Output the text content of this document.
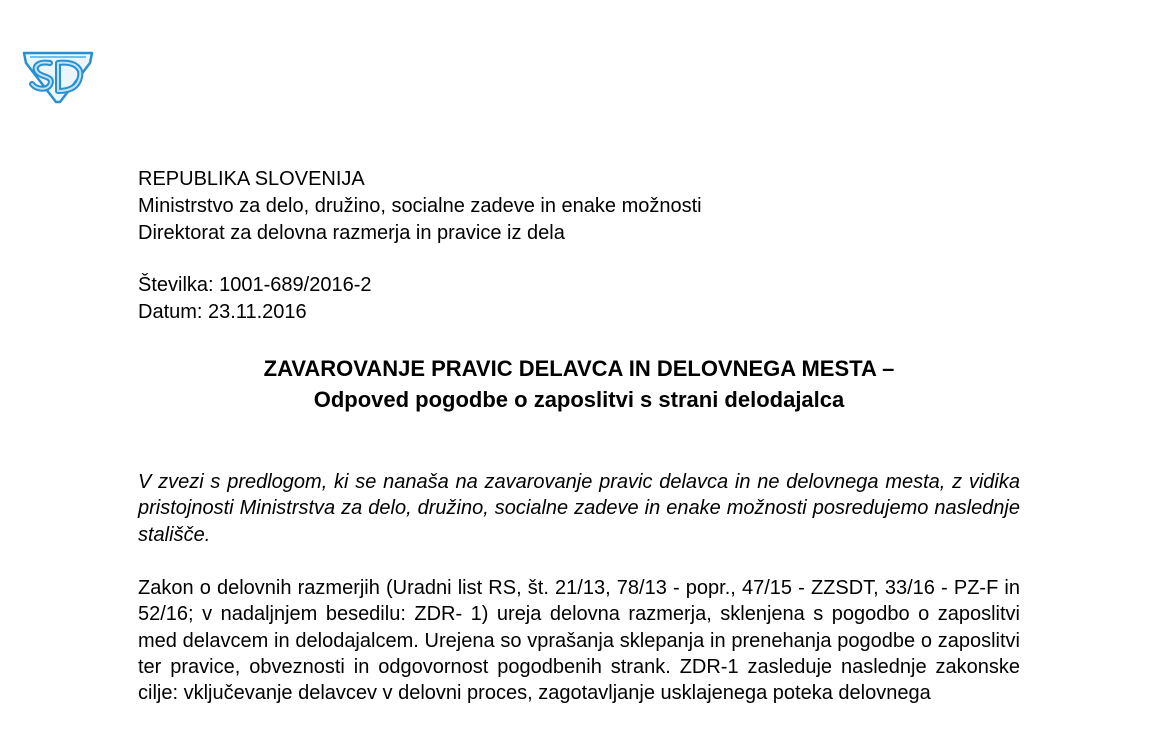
REPUBLIKA SLOVENIJA
Ministrstvo za delo, družino, socialne zadeve in enake možnosti
Direktorat za delovna razmerja in pravice iz dela
Številka: 1001-689/2016-2
Datum: 23.11.2016
ZAVAROVANJE PRAVIC DELAVCA IN DELOVNEGA MESTA –
Odpoved pogodbe o zaposlitvi s strani delodajalca
V zvezi s predlogom, ki se nanaša na zavarovanje pravic delavca in ne delovnega mesta, z vidika pristojnosti Ministrstva za delo, družino, socialne zadeve in enake možnosti posredujemo naslednje stališče.
Zakon o delovnih razmerjih (Uradni list RS, št. 21/13, 78/13 - popr., 47/15 - ZZSDT, 33/16 - PZ-F in 52/16; v nadaljnjem besedilu: ZDR- 1) ureja delovna razmerja, sklenjena s pogodbo o zaposlitvi med delavcem in delodajalcem. Urejena so vprašanja sklepanja in prenehanja pogodbe o zaposlitvi ter pravice, obveznosti in odgovornost pogodbenih strank. ZDR-1 zasleduje naslednje zakonske cilje: vključevanje delavcev v delovni proces, zagotavljanje usklajenega poteka delovnega
